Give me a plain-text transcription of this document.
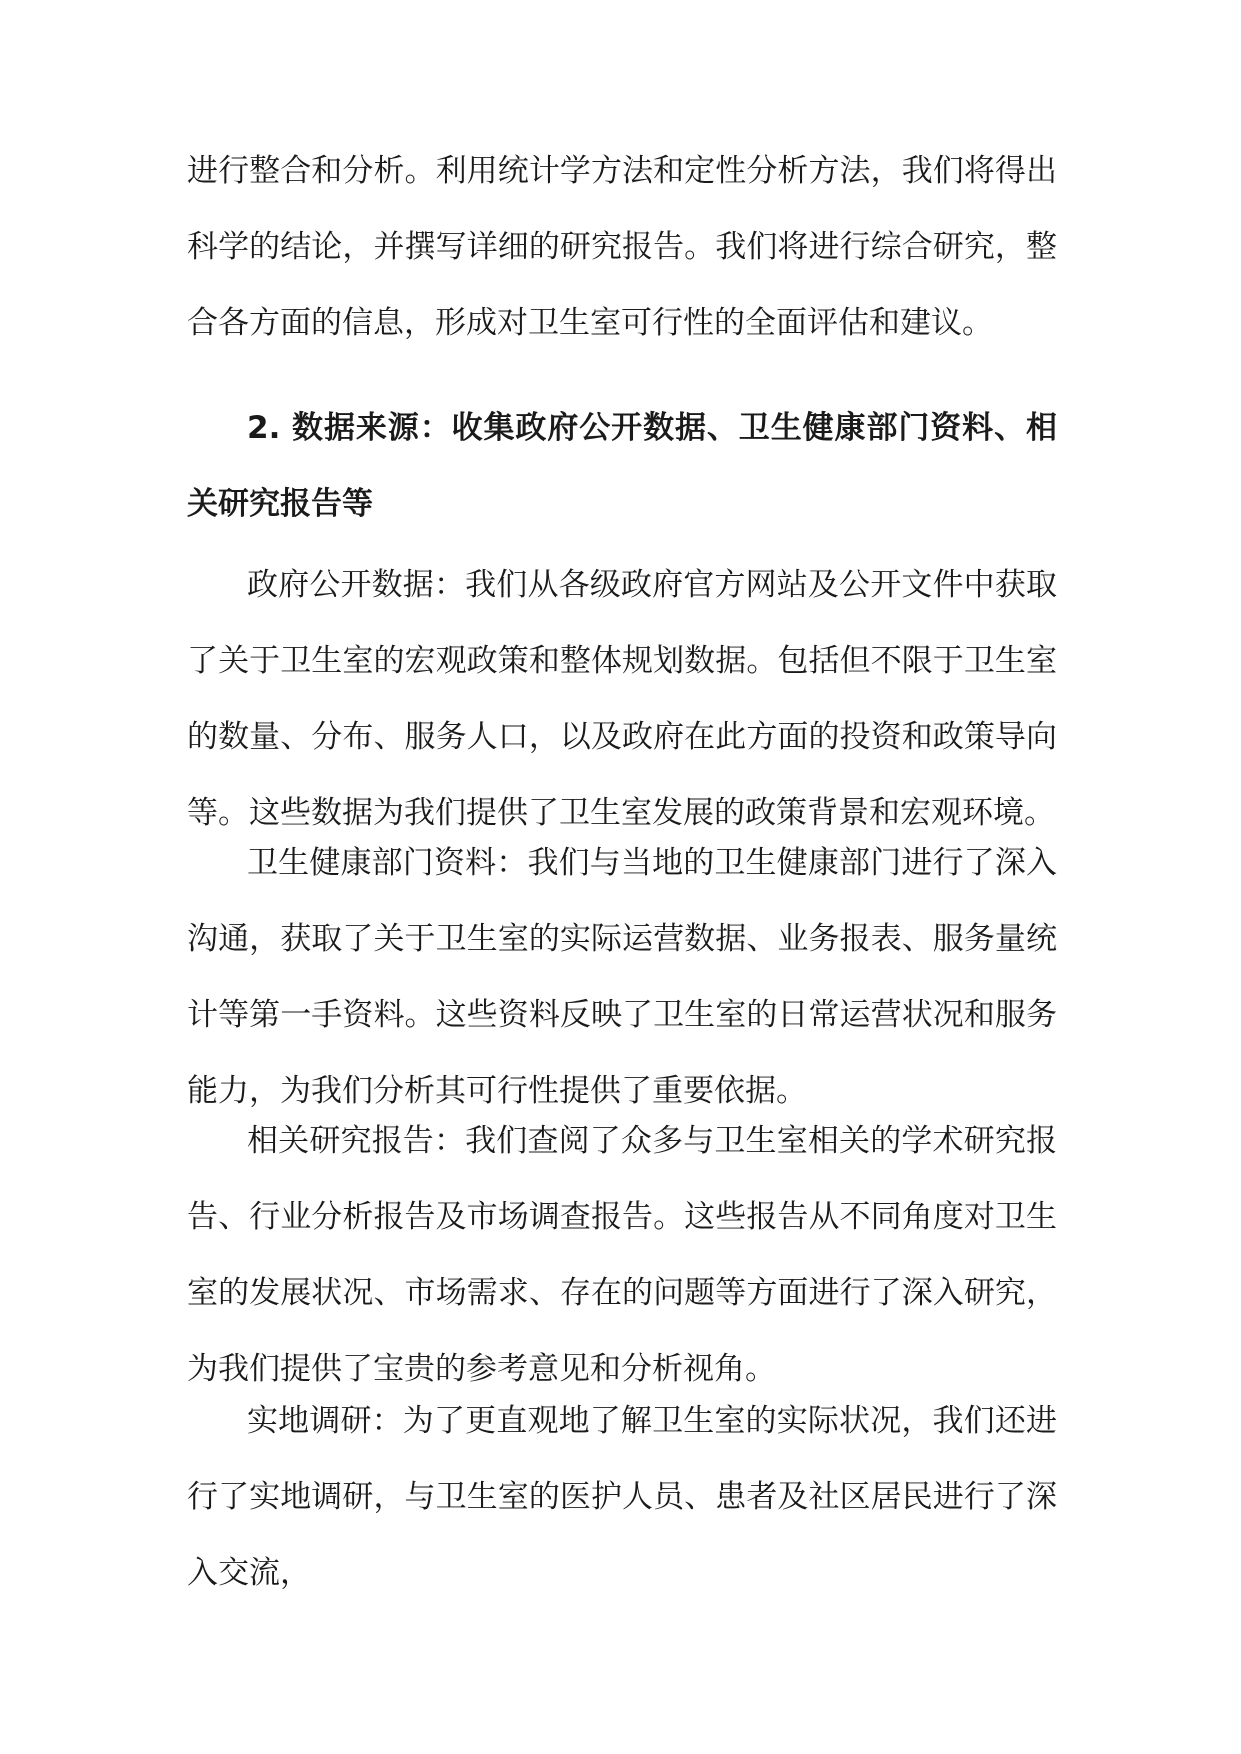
进行整合和分析。利用统计学方法和定性分析方法，我们将得出科学的结论，并撰写详细的研究报告。我们将进行综合研究，整合各方面的信息，形成对卫生室可行性的全面评估和建议。

2. 数据来源：收集政府公开数据、卫生健康部门资料、相关研究报告等

政府公开数据：我们从各级政府官方网站及公开文件中获取了关于卫生室的宏观政策和整体规划数据。包括但不限于卫生室的数量、分布、服务人口，以及政府在此方面的投资和政策导向等。这些数据为我们提供了卫生室发展的政策背景和宏观环境。

卫生健康部门资料：我们与当地的卫生健康部门进行了深入沟通，获取了关于卫生室的实际运营数据、业务报表、服务量统计等第一手资料。这些资料反映了卫生室的日常运营状况和服务能力，为我们分析其可行性提供了重要依据。

相关研究报告：我们查阅了众多与卫生室相关的学术研究报告、行业分析报告及市场调查报告。这些报告从不同角度对卫生室的发展状况、市场需求、存在的问题等方面进行了深入研究，为我们提供了宝贵的参考意见和分析视角。

实地调研：为了更直观地了解卫生室的实际状况，我们还进行了实地调研，与卫生室的医护人员、患者及社区居民进行了深入交流，
